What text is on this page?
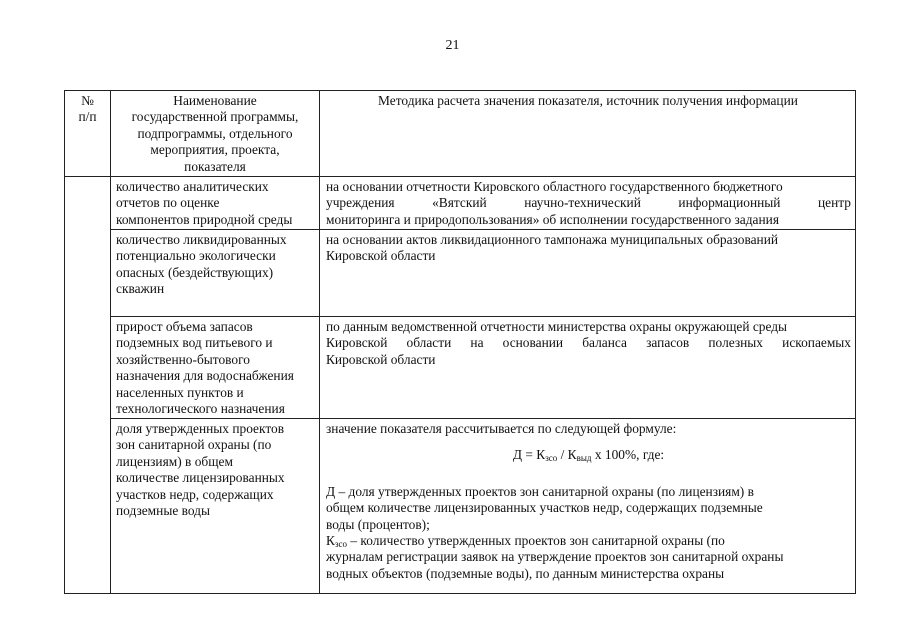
21
№
п/п
Наименование
государственной программы,
подпрограммы, отдельного
мероприятия, проекта,
показателя
Методика расчета значения показателя, источник получения информации
количество аналитических
отчетов по оценке
компонентов природной среды
на основании отчетности Кировского областного государственного бюджетного
учреждения «Вятский научно-технический информационный центр
мониторинга и природопользования» об исполнении государственного задания
количество ликвидированных
потенциально экологически
опасных (бездействующих)
скважин
на основании актов ликвидационного тампонажа муниципальных образований
Кировской области
прирост объема запасов
подземных вод питьевого и
хозяйственно-бытового
назначения для водоснабжения
населенных пунктов и
технологического назначения
по данным ведомственной отчетности министерства охраны окружающей среды
Кировской области на основании баланса запасов полезных ископаемых
Кировской области
доля утвержденных проектов
зон санитарной охраны (по
лицензиям) в общем
количестве лицензированных
участков недр, содержащих
подземные воды
значение показателя рассчитывается по следующей формуле:
$Д = К_{зсо} / К_{выд}$ х 100%, где:
Д – доля утвержденных проектов зон санитарной охраны (по лицензиям) в
общем количестве лицензированных участков недр, содержащих подземные
воды (процентов);
$К_{зсо}$ – количество утвержденных проектов зон санитарной охраны (по
журналам регистрации заявок на утверждение проектов зон санитарной охраны
водных объектов (подземные воды), по данным министерства охраны
